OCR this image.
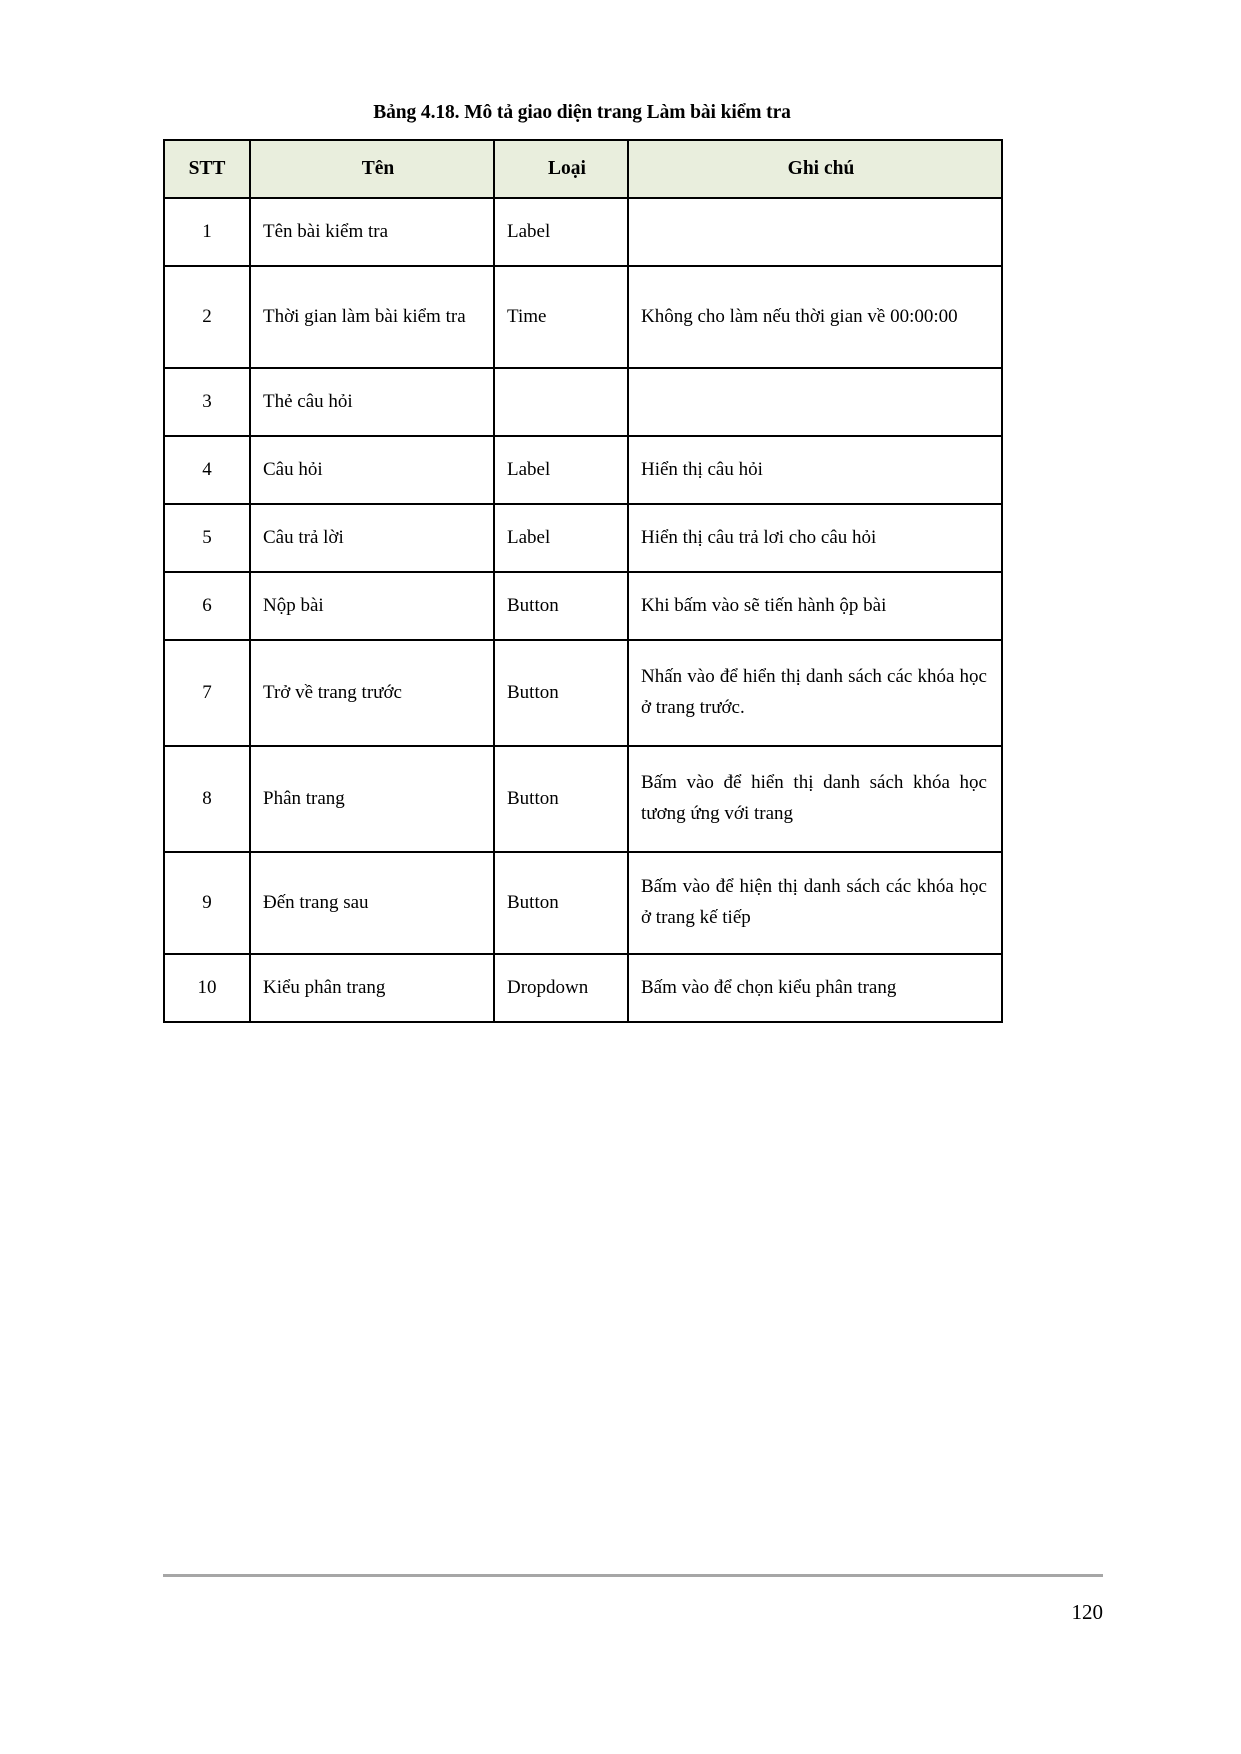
Bảng 4.18. Mô tả giao diện trang Làm bài kiểm tra
STT	Tên	Loại	Ghi chú

1	Tên bài kiểm tra	Label	

2	Thời gian làm bài kiểm tra	Time	Không cho làm nếu thời gian về 00:00:00

3	Thẻ câu hỏi		

4	Câu hỏi	Label	Hiển thị câu hỏi

5	Câu trả lời	Label	Hiển thị câu trả lơi cho câu hỏi

6	Nộp bài	Button	Khi bấm vào sẽ tiến hành ộp bài

7	Trở về trang trước	Button	Nhấn vào để hiển thị danh sách các khóa học ở trang trước.

8	Phân trang	Button	Bấm vào để hiển thị danh sách khóa học tương ứng với trang

9	Đến trang sau	Button	Bấm vào để hiện thị danh sách các khóa học ở trang kế tiếp

10	Kiểu phân trang	Dropdown	Bấm vào để chọn kiểu phân trang
120
